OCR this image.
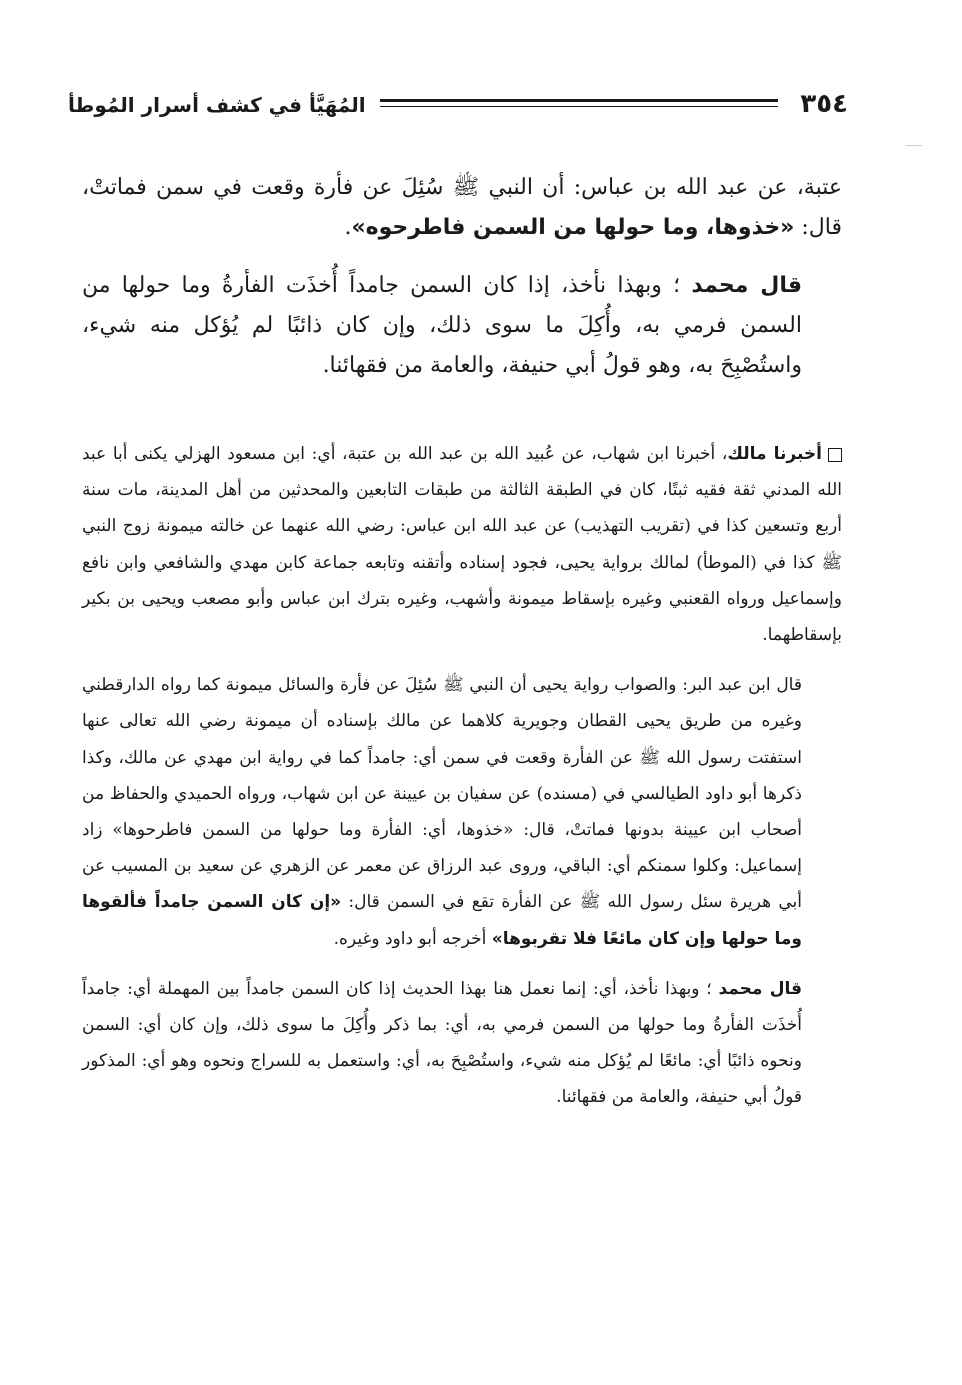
٣٥٤
المُهَيَّأ في كشف أسرار المُوطأ

عتبة، عن عبد الله بن عباس: أن النبي ﷺ سُئِلَ عن فأرة وقعت في سمن فماتتْ، قال: «خذوها، وما حولها من السمن فاطرحوه».

قال محمد ؛ وبهذا نأخذ، إذا كان السمن جامداً أُخذَت الفأرةُ وما حولها من السمن فرمي به، وأُكِلَ ما سوى ذلك، وإن كان ذائبًا لم يُؤكل منه شيء، واستُصْبِحَ به، وهو قولُ أبي حنيفة، والعامة من فقهائنا.

أخبرنا مالك، أخبرنا ابن شهاب، عن عُبيد الله بن عبد الله بن عتبة، أي: ابن مسعود الهزلي يكنى أبا عبد الله المدني ثقة فقيه ثبتًا، كان في الطبقة الثالثة من طبقات التابعين والمحدثين من أهل المدينة، مات سنة أربع وتسعين كذا في (تقريب التهذيب) عن عبد الله ابن عباس: رضي الله عنهما عن خالته ميمونة زوج النبي ﷺ كذا في (الموطأ) لمالك برواية يحيى، فجود إسناده وأتقنه وتابعه جماعة كابن مهدي والشافعي وابن نافع وإسماعيل ورواه القعنبي وغيره بإسقاط ميمونة وأشهب، وغيره بترك ابن عباس وأبو مصعب ويحيى بن بكير بإسقاطهما.

قال ابن عبد البر: والصواب رواية يحيى أن النبي ﷺ سُئِلَ عن فأرة والسائل ميمونة كما رواه الدارقطني وغيره من طريق يحيى القطان وجويرية كلاهما عن مالك بإسناده أن ميمونة رضي الله تعالى عنها استفتت رسول الله ﷺ عن الفأرة وقعت في سمن أي: جامداً كما في رواية ابن مهدي عن مالك، وكذا ذكرها أبو داود الطيالسي في (مسنده) عن سفيان بن عيينة عن ابن شهاب، ورواه الحميدي والحفاظ من أصحاب ابن عيينة بدونها فماتتْ، قال: «خذوها، أي: الفأرة وما حولها من السمن فاطرحوها» زاد إسماعيل: وكلوا سمنكم أي: الباقي، وروى عبد الرزاق عن معمر عن الزهري عن سعيد بن المسيب عن أبي هريرة سئل رسول الله ﷺ عن الفأرة تقع في السمن قال: «إن كان السمن جامداً فألقوها وما حولها وإن كان مائعًا فلا تقربوها» أخرجه أبو داود وغيره.

قال محمد ؛ وبهذا نأخذ، أي: إنما نعمل هنا بهذا الحديث إذا كان السمن جامداً بين المهملة أي: جامداً أُخذَت الفأرةُ وما حولها من السمن فرمي به، أي: بما ذكر وأُكِلَ ما سوى ذلك، وإن كان أي: السمن ونحوه ذائبًا أي: مائعًا لم يُؤكل منه شيء، واستُصْبِحَ به، أي: واستعمل به للسراج ونحوه وهو أي: المذكور قولُ أبي حنيفة، والعامة من فقهائنا.
